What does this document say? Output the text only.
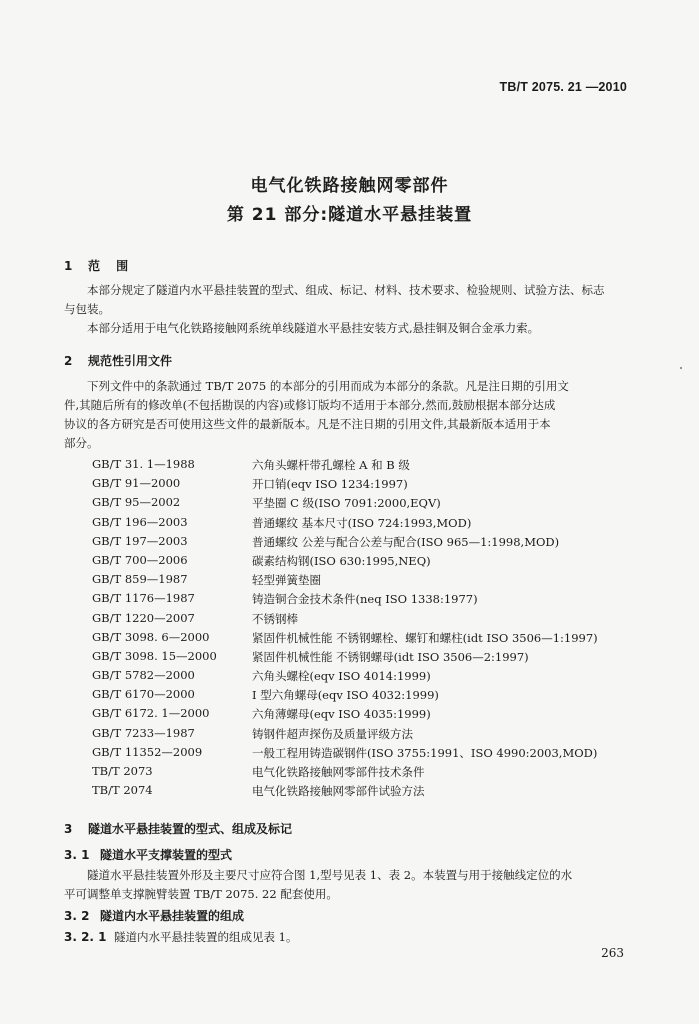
TB/T 2075. 21 —2010
电气化铁路接触网零部件
第 21 部分:隧道水平悬挂装置
1 范 围
本部分规定了隧道内水平悬挂装置的型式、组成、标记、材料、技术要求、检验规则、试验方法、标志
与包装。
本部分适用于电气化铁路接触网系统单线隧道水平悬挂安装方式,悬挂铜及铜合金承力索。
2 规范性引用文件
下列文件中的条款通过 TB/T 2075 的本部分的引用而成为本部分的条款。凡是注日期的引用文
件,其随后所有的修改单(不包括勘误的内容)或修订版均不适用于本部分,然而,鼓励根据本部分达成
协议的各方研究是否可使用这些文件的最新版本。凡是不注日期的引用文件,其最新版本适用于本
部分。
GB/T 31. 1—1988	六角头螺杆带孔螺栓 A 和 B 级
GB/T 91—2000	开口销(eqv ISO 1234:1997)
GB/T 95—2002	平垫圈 C 级(ISO 7091:2000,EQV)
GB/T 196—2003	普通螺纹 基本尺寸(ISO 724:1993,MOD)
GB/T 197—2003	普通螺纹 公差与配合公差与配合(ISO 965—1:1998,MOD)
GB/T 700—2006	碳素结构钢(ISO 630:1995,NEQ)
GB/T 859—1987	轻型弹簧垫圈
GB/T 1176—1987	铸造铜合金技术条件(neq ISO 1338:1977)
GB/T 1220—2007	不锈钢棒
GB/T 3098. 6—2000	紧固件机械性能 不锈钢螺栓、螺钉和螺柱(idt ISO 3506—1:1997)
GB/T 3098. 15—2000	紧固件机械性能 不锈钢螺母(idt ISO 3506—2:1997)
GB/T 5782—2000	六角头螺栓(eqv ISO 4014:1999)
GB/T 6170—2000	I 型六角螺母(eqv ISO 4032:1999)
GB/T 6172. 1—2000	六角薄螺母(eqv ISO 4035:1999)
GB/T 7233—1987	铸钢件超声探伤及质量评级方法
GB/T 11352—2009	一般工程用铸造碳钢件(ISO 3755:1991、ISO 4990:2003,MOD)
TB/T 2073	电气化铁路接触网零部件技术条件
TB/T 2074	电气化铁路接触网零部件试验方法
3 隧道水平悬挂装置的型式、组成及标记
3. 1 隧道水平支撑装置的型式
隧道水平悬挂装置外形及主要尺寸应符合图 1,型号见表 1、表 2。本装置与用于接触线定位的水
平可调整单支撑腕臂装置 TB/T 2075. 22 配套使用。
3. 2 隧道内水平悬挂装置的组成
3. 2. 1 隧道内水平悬挂装置的组成见表 1。
263
